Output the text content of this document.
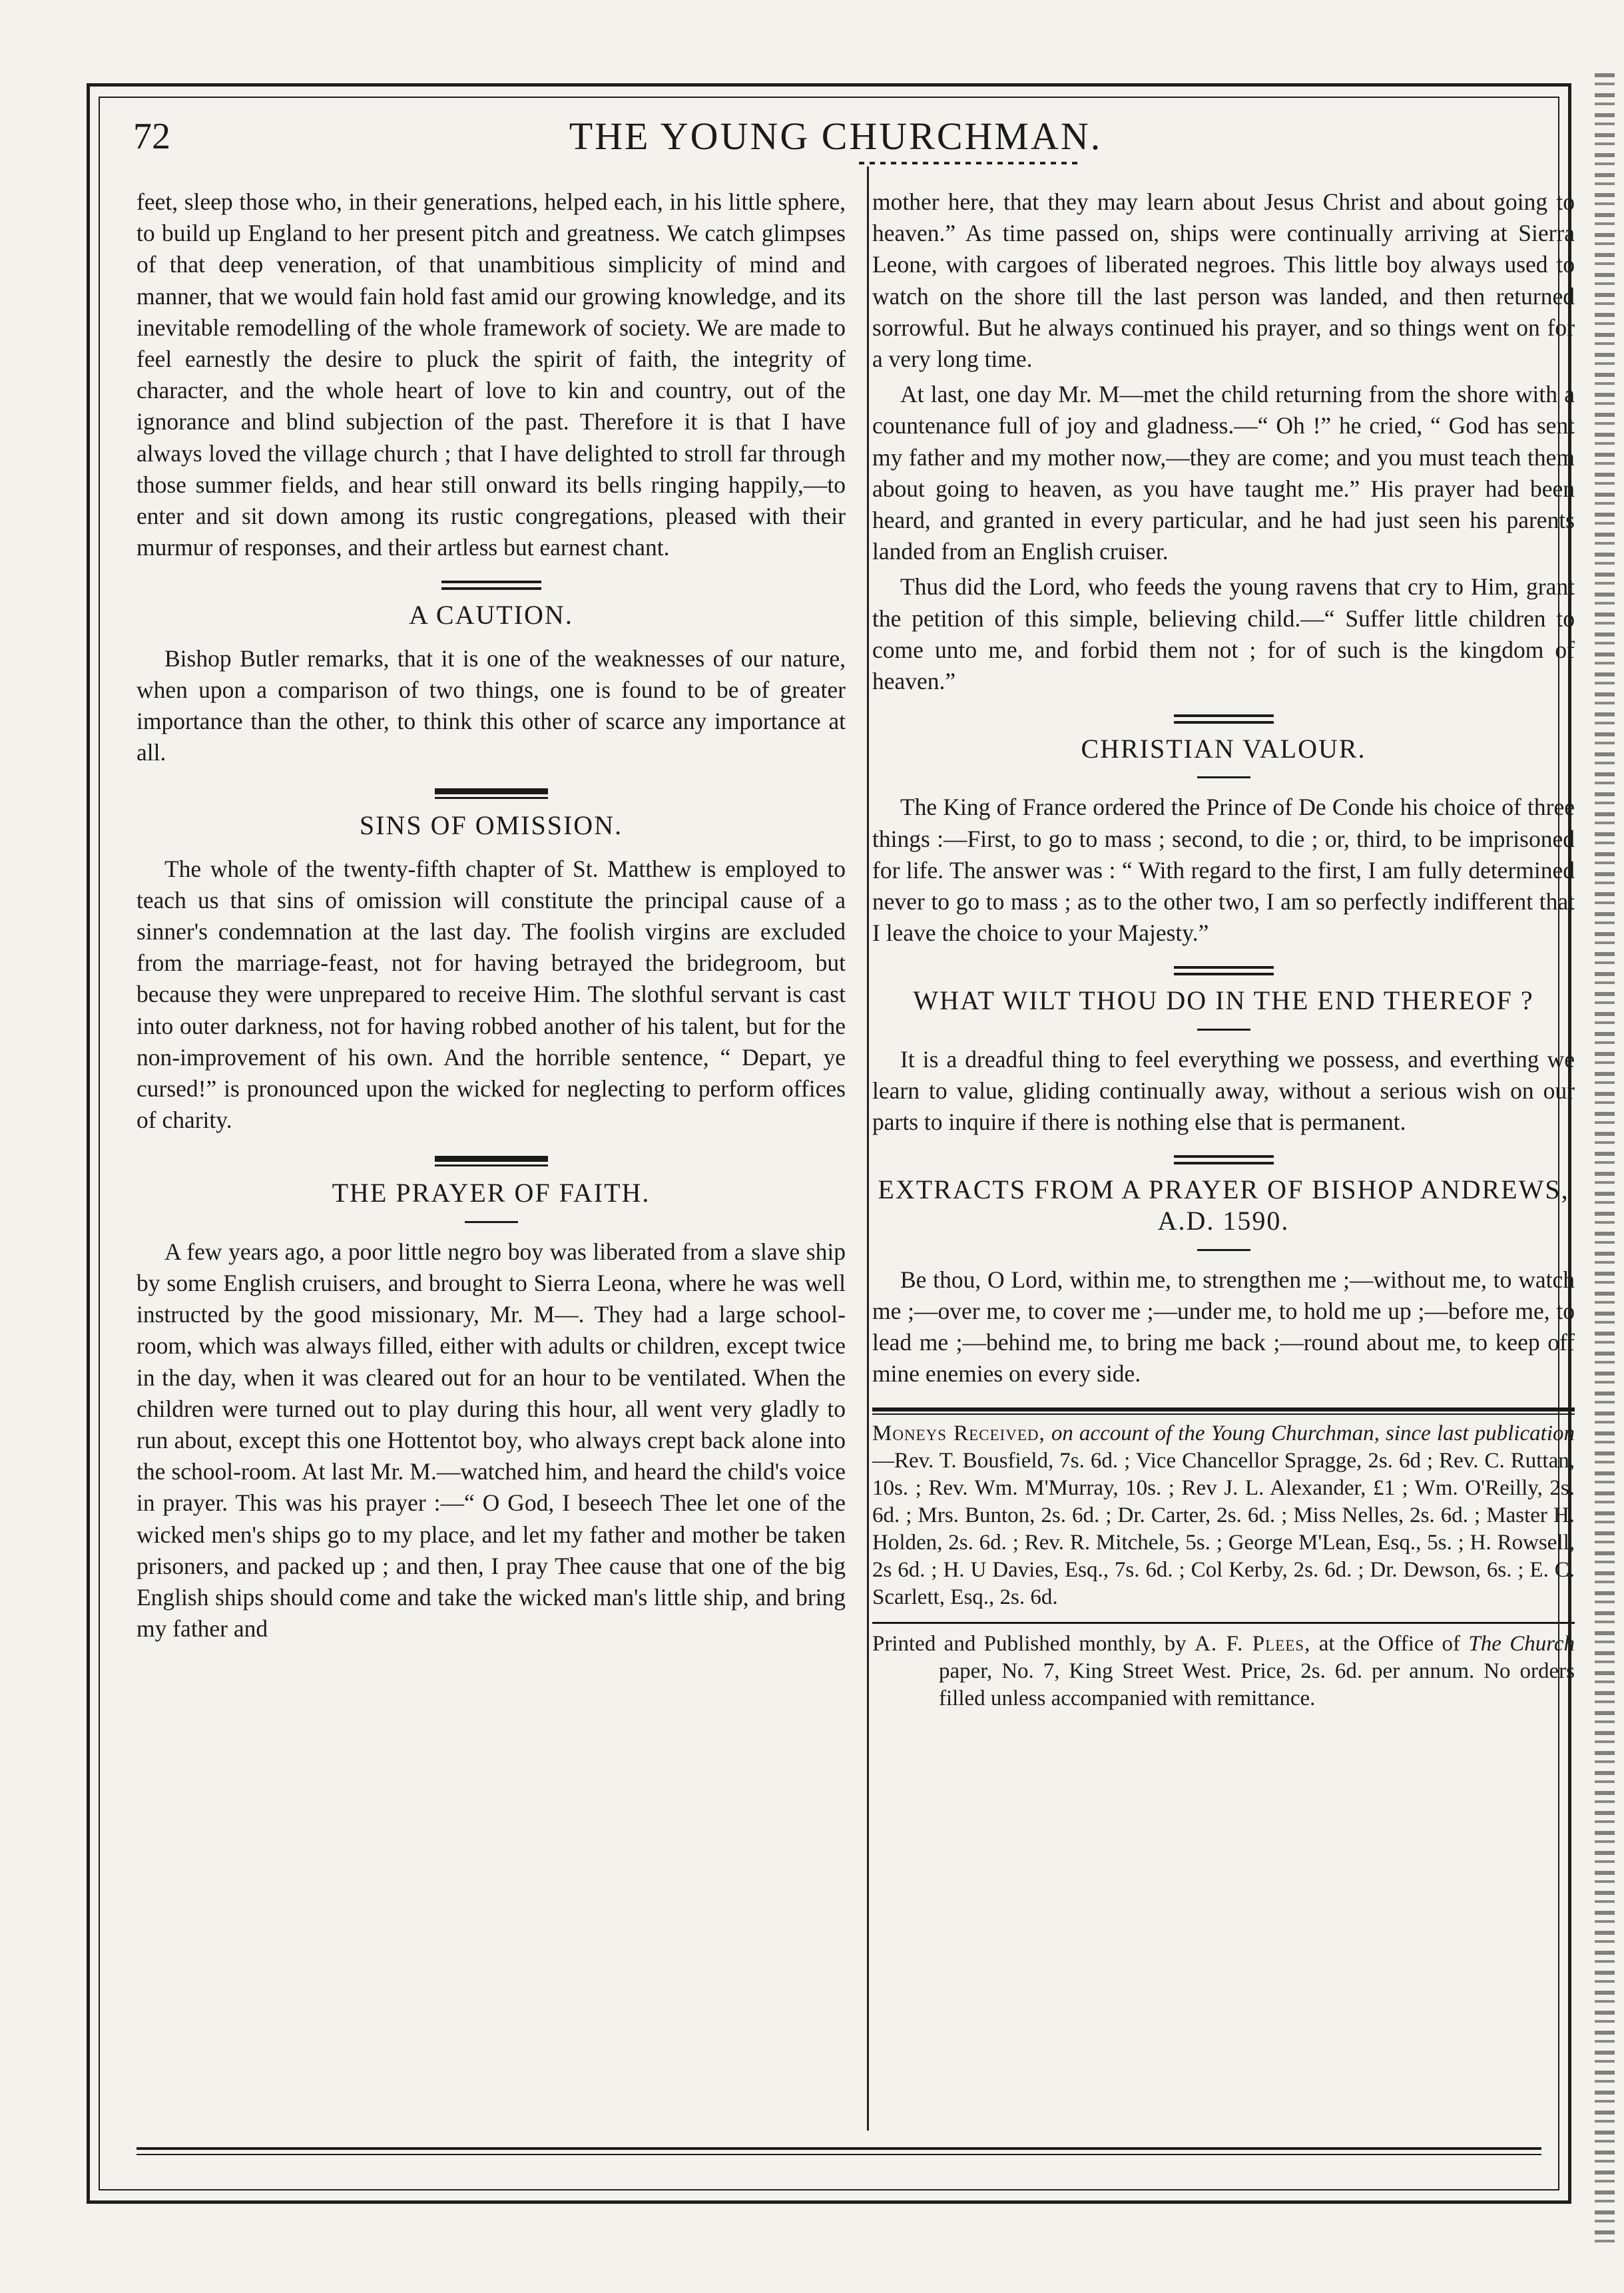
72	THE YOUNG CHURCHMAN.

feet, sleep those who, in their generations, helped each, in his little sphere, to build up England to her present pitch and greatness. We catch glimpses of that deep veneration, of that unambitious simplicity of mind and manner, that we would fain hold fast amid our growing knowledge, and its inevitable remodelling of the whole framework of society. We are made to feel earnestly the desire to pluck the spirit of faith, the integrity of character, and the whole heart of love to kin and country, out of the ignorance and blind subjection of the past. Therefore it is that I have always loved the village church ; that I have delighted to stroll far through those summer fields, and hear still onward its bells ringing happily,—to enter and sit down among its rustic congregations, pleased with their murmur of responses, and their artless but earnest chant.

A CAUTION.

Bishop Butler remarks, that it is one of the weaknesses of our nature, when upon a comparison of two things, one is found to be of greater importance than the other, to think this other of scarce any importance at all.

SINS OF OMISSION.

The whole of the twenty-fifth chapter of St. Matthew is employed to teach us that sins of omission will constitute the principal cause of a sinner's condemnation at the last day. The foolish virgins are excluded from the marriage-feast, not for having betrayed the bridegroom, but because they were unprepared to receive Him. The slothful servant is cast into outer darkness, not for having robbed another of his talent, but for the non-improvement of his own. And the horrible sentence, “ Depart, ye cursed!” is pronounced upon the wicked for neglecting to perform offices of charity.

THE PRAYER OF FAITH.

A few years ago, a poor little negro boy was liberated from a slave ship by some English cruisers, and brought to Sierra Leona, where he was well instructed by the good missionary, Mr. M—. They had a large school-room, which was always filled, either with adults or children, except twice in the day, when it was cleared out for an hour to be ventilated. When the children were turned out to play during this hour, all went very gladly to run about, except this one Hottentot boy, who always crept back alone into the school-room. At last Mr. M.—watched him, and heard the child's voice in prayer. This was his prayer :—“ O God, I beseech Thee let one of the wicked men's ships go to my place, and let my father and mother be taken prisoners, and packed up ; and then, I pray Thee cause that one of the big English ships should come and take the wicked man's little ship, and bring my father and

mother here, that they may learn about Jesus Christ and about going to heaven.” As time passed on, ships were continually arriving at Sierra Leone, with cargoes of liberated negroes. This little boy always used to watch on the shore till the last person was landed, and then returned sorrowful. But he always continued his prayer, and so things went on for a very long time.

At last, one day Mr. M—met the child returning from the shore with a countenance full of joy and gladness.—“ Oh !” he cried, “ God has sent my father and my mother now,—they are come; and you must teach them about going to heaven, as you have taught me.” His prayer had been heard, and granted in every particular, and he had just seen his parents landed from an English cruiser.

Thus did the Lord, who feeds the young ravens that cry to Him, grant the petition of this simple, believing child.—“ Suffer little children to come unto me, and forbid them not ; for of such is the kingdom of heaven.”

CHRISTIAN VALOUR.

The King of France ordered the Prince of De Conde his choice of three things :—First, to go to mass ; second, to die ; or, third, to be imprisoned for life. The answer was : “ With regard to the first, I am fully determined never to go to mass ; as to the other two, I am so perfectly indifferent that I leave the choice to your Majesty.”

WHAT WILT THOU DO IN THE END THEREOF ?

It is a dreadful thing to feel everything we possess, and everthing we learn to value, gliding continually away, without a serious wish on our parts to inquire if there is nothing else that is permanent.

EXTRACTS FROM A PRAYER OF BISHOP ANDREWS, A.D. 1590.

Be thou, O Lord, within me, to strengthen me ;—without me, to watch me ;—over me, to cover me ;—under me, to hold me up ;—before me, to lead me ;—behind me, to bring me back ;—round about me, to keep off mine enemies on every side.

Moneys Received, on account of the Young Churchman, since last publication—Rev. T. Bousfield, 7s. 6d. ; Vice Chancellor Spragge, 2s. 6d ; Rev. C. Ruttan, 10s. ; Rev. Wm. M'Murray, 10s. ; Rev J. L. Alexander, £1 ; Wm. O'Reilly, 2s. 6d. ; Mrs. Bunton, 2s. 6d. ; Dr. Carter, 2s. 6d. ; Miss Nelles, 2s. 6d. ; Master H. Holden, 2s. 6d. ; Rev. R. Mitchele, 5s. ; George M'Lean, Esq., 5s. ; H. Rowsell, 2s 6d. ; H. U Davies, Esq., 7s. 6d. ; Col Kerby, 2s. 6d. ; Dr. Dewson, 6s. ; E. C. Scarlett, Esq., 2s. 6d.
Printed and Published monthly, by A. F. Plees, at the Office of The Church paper, No. 7, King Street West. Price, 2s. 6d. per annum. No orders filled unless accompanied with remittance.
